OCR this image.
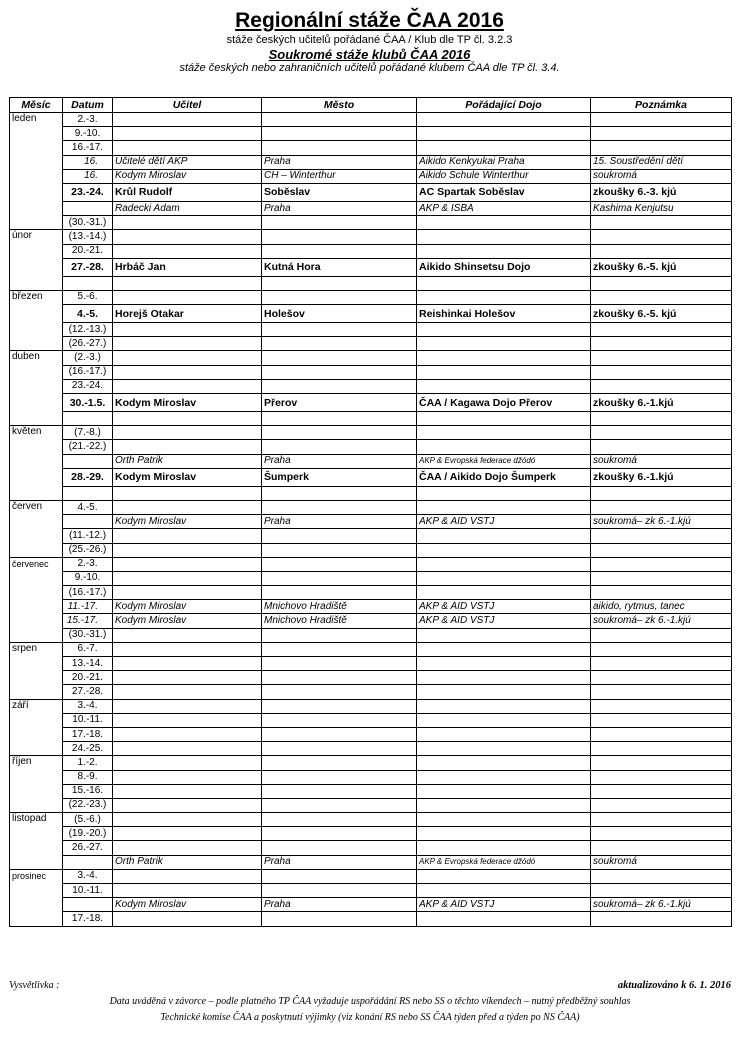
Regionální stáže ČAA 2016
stáže českých učitelů pořádané ČAA / Klub dle TP čl. 3.2.3
Soukromé stáže klubů ČAA 2016
stáže českých nebo zahraničních učitelů pořádané klubem ČAA dle TP čl. 3.4.
Měsíc	Datum	Učitel	Město	Pořádající Dojo	Poznámka
leden	2.-3.				
	9.-10.				
	16.-17.				
	16.	Učitelé dětí AKP	Praha	Aikido Kenkyukai Praha	15. Soustředění dětí
	16.	Kodym Miroslav	CH – Winterthur	Aikido Schule Winterthur	soukromá
	23.-24.	Krůl Rudolf	Soběslav	AC Spartak Soběslav	zkoušky 6.-3. kjú
		Radecki Adam	Praha	AKP & ISBA	Kashima Kenjutsu
	(30.-31.)				
únor	(13.-14.)				
	20.-21.				
	27.-28.	Hrbáč Jan	Kutná Hora	Aikido Shinsetsu Dojo	zkoušky 6.-5. kjú

březen	5.-6.				
	4.-5.	Horejš Otakar	Holešov	Reishinkai Holešov	zkoušky 6.-5. kjú
	(12.-13.)				
	(26.-27.)				
duben	(2.-3.)				
	(16.-17.)				
	23.-24.				
	30.-1.5.	Kodym Miroslav	Přerov	ČAA / Kagawa Dojo Přerov	zkoušky 6.-1.kjú

květen	(7.-8.)				
	(21.-22.)				
		Orth Patrik	Praha	AKP & Evropská federace džódó	soukromá
	28.-29.	Kodym Miroslav	Šumperk	ČAA / Aikido Dojo Šumperk	zkoušky 6.-1.kjú

červen	4.-5.				
		Kodym Miroslav	Praha	AKP & AID VSTJ	soukromá– zk 6.-1.kjú
	(11.-12.)				
	(25.-26.)				
červenec	2.-3.				
	9.-10.				
	(16.-17.)				
	11.-17.	Kodym Miroslav	Mnichovo Hradiště	AKP & AID VSTJ	aikido, rytmus, tanec
	15.-17.	Kodym Miroslav	Mnichovo Hradiště	AKP & AID VSTJ	soukromá– zk 6.-1.kjú
	(30.-31.)				
srpen	6.-7.				
	13.-14.				
	20.-21.				
	27.-28.				
září	3.-4.				
	10.-11.				
	17.-18.				
	24.-25.				
říjen	1.-2.				
	8.-9.				
	15.-16.				
	(22.-23.)				
listopad	(5.-6.)				
	(19.-20.)				
	26.-27.				
		Orth Patrik	Praha	AKP & Evropská federace džódó	soukromá
prosinec	3.-4.				
	10.-11.				
		Kodym Miroslav	Praha	AKP & AID VSTJ	soukromá– zk 6.-1.kjú
	17.-18.				
Vysvětlivka :	aktualizováno k 6. 1. 2016
Data uváděná v závorce – podle platného TP ČAA vyžaduje uspořádání RS nebo SS o těchto víkendech – nutný předběžný souhlas
Technické komise ČAA a poskytnutí výjimky (viz konání RS nebo SS ČAA týden před a týden po NS ČAA)
